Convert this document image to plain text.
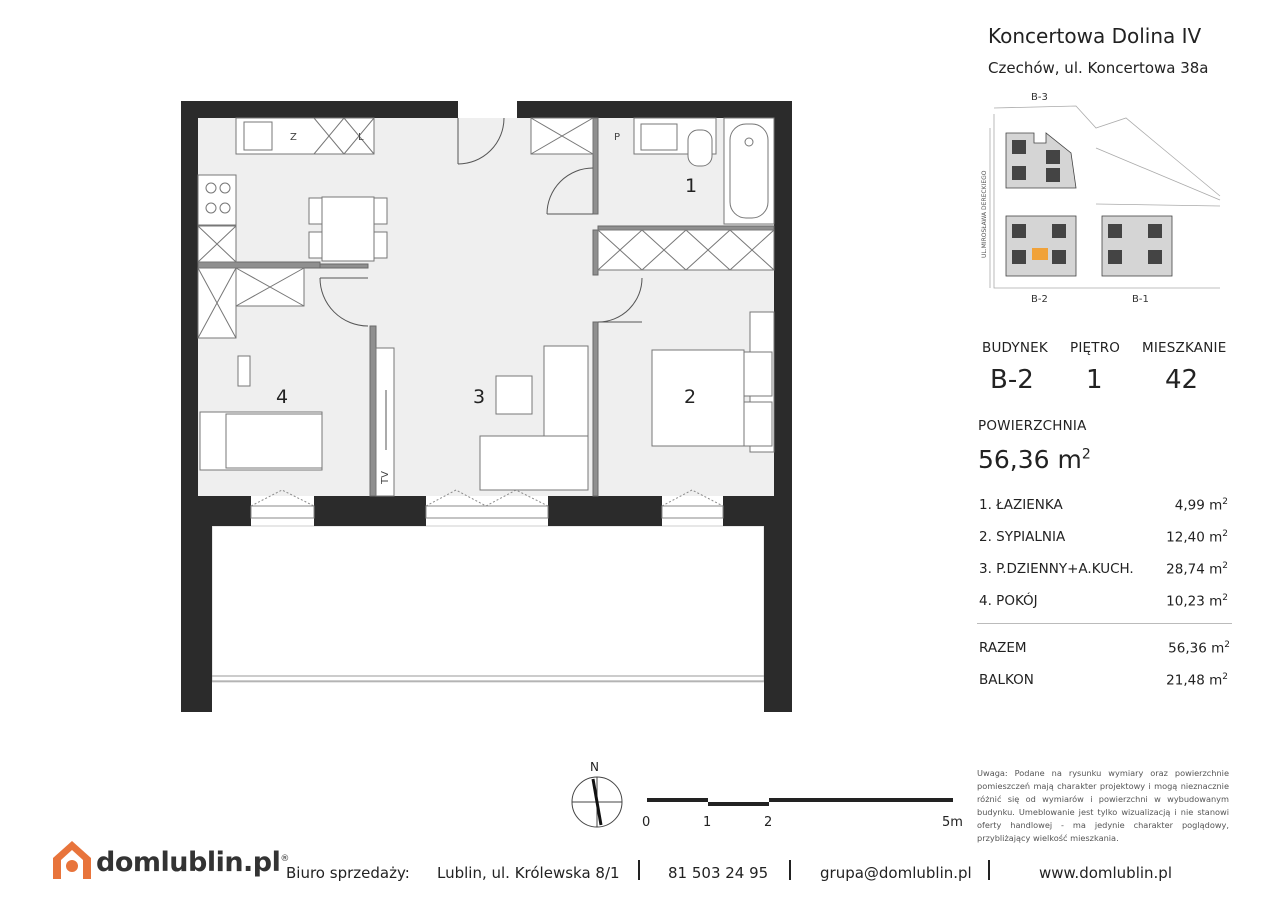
1
2
3
4
Z	L	P
TV
N
0	1	2	5m
Koncertowa Dolina IV
Czechów, ul. Koncertowa 38a
B-3
B-2	B-1
UL.MIROSŁAWA DERECKIEGO
BUDYNEK PIĘTRO MIESZKANIE
B-2 1 42
POWIERZCHNIA
56,36 $m^2$
1. ŁAZIENKA	4,99 $m^2$
2. SYPIALNIA	12,40 $m^2$
3. P.DZIENNY+A.KUCH.	28,74 $m^2$
4. POKÓJ	10,23 $m^2$
RAZEM	56,36 $m^2$
BALKON	21,48 $m^2$
Uwaga: Podane na rysunku wymiary oraz powierzchnie pomieszczeń mają charakter projektowy i mogą nieznacznie różnić się od wymiarów i powierzchni w wybudowanym budynku. Umeblowanie jest tylko wizualizacją i nie stanowi oferty handlowej - ma jedynie charakter poglądowy, przybliżający wielkość mieszkania.
domlublin.pl®
Biuro sprzedaży: Lublin, ul. Królewska 8/1	81 503 24 95	grupa@domlublin.pl	www.domlublin.pl
